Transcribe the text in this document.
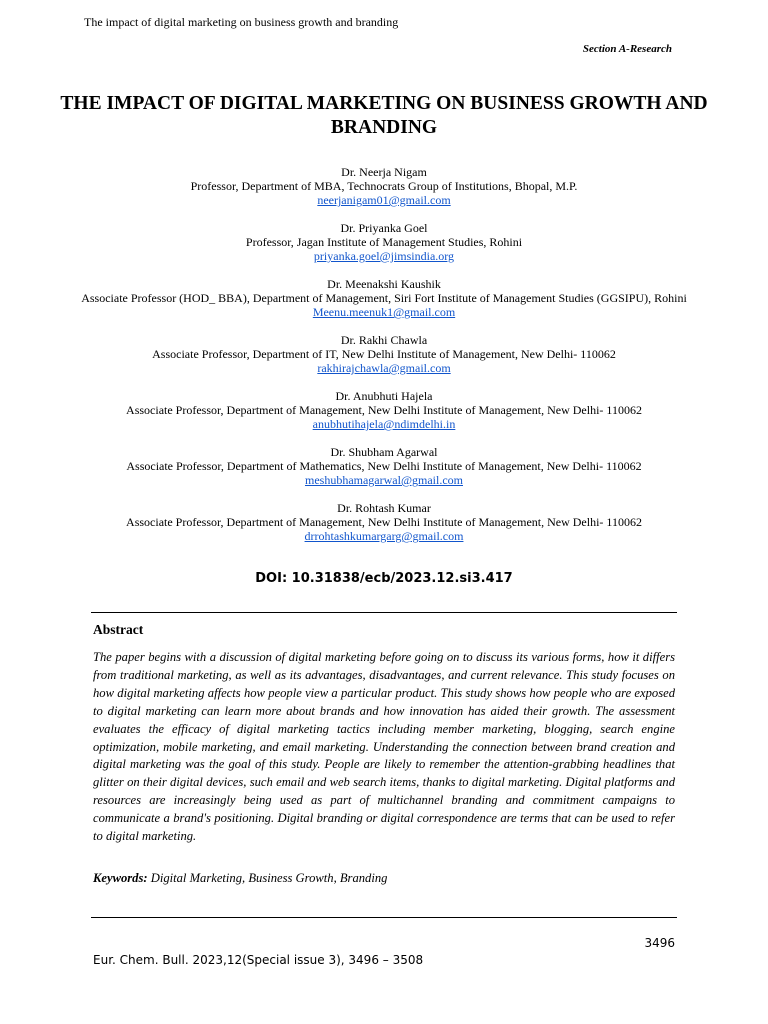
The impact of digital marketing on business growth and branding
Section A-Research
THE IMPACT OF DIGITAL MARKETING ON BUSINESS GROWTH AND BRANDING
Dr. Neerja Nigam
Professor, Department of MBA, Technocrats Group of Institutions, Bhopal, M.P.
neerjanigam01@gmail.com
Dr. Priyanka Goel
Professor, Jagan Institute of Management Studies, Rohini
priyanka.goel@jimsindia.org
Dr. Meenakshi Kaushik
Associate Professor (HOD_ BBA), Department of Management, Siri Fort Institute of Management Studies (GGSIPU), Rohini
Meenu.meenuk1@gmail.com
Dr. Rakhi Chawla
Associate Professor, Department of IT, New Delhi Institute of Management, New Delhi- 110062
rakhirajchawla@gmail.com
Dr. Anubhuti Hajela
Associate Professor, Department of Management, New Delhi Institute of Management, New Delhi- 110062
anubhutihajela@ndimdelhi.in
Dr. Shubham Agarwal
Associate Professor, Department of Mathematics, New Delhi Institute of Management, New Delhi- 110062
meshubhamagarwal@gmail.com
Dr. Rohtash Kumar
Associate Professor, Department of Management, New Delhi Institute of Management, New Delhi- 110062
drrohtashkumargarg@gmail.com
DOI: 10.31838/ecb/2023.12.si3.417
Abstract

The paper begins with a discussion of digital marketing before going on to discuss its various forms, how it differs from traditional marketing, as well as its advantages, disadvantages, and current relevance. This study focuses on how digital marketing affects how people view a particular product. This study shows how people who are exposed to digital marketing can learn more about brands and how innovation has aided their growth. The assessment evaluates the efficacy of digital marketing tactics including member marketing, blogging, search engine optimization, mobile marketing, and email marketing. Understanding the connection between brand creation and digital marketing was the goal of this study. People are likely to remember the attention-grabbing headlines that glitter on their digital devices, such email and web search items, thanks to digital marketing. Digital platforms and resources are increasingly being used as part of multichannel branding and commitment campaigns to communicate a brand's positioning. Digital branding or digital correspondence are terms that can be used to refer to digital marketing.

Keywords: Digital Marketing, Business Growth, Branding
3496
Eur. Chem. Bull. 2023,12(Special issue 3), 3496 – 3508
